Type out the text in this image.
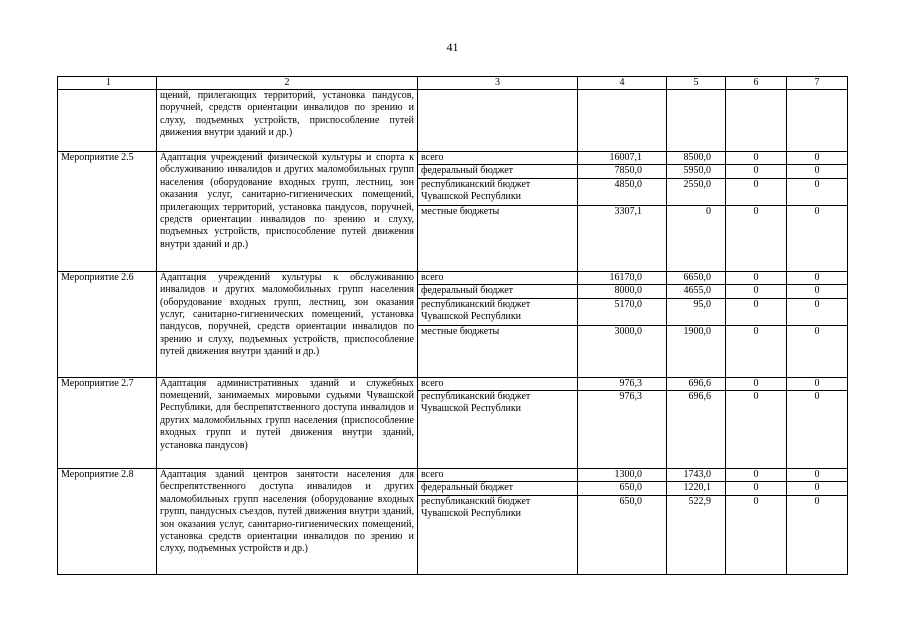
41
1	2	3	4	5	6	7
	щений, прилегающих территорий, установка пандусов, поручней, средств ориентации инвалидов по зрению и слуху, подъемных устройств, приспособление путей движения внутри зданий и др.)					
Мероприятие 2.5	Адаптация учреждений физической культуры и спорта к обслуживанию инвалидов и других маломобильных групп населения (оборудование входных групп, лестниц, зон оказания услуг, санитарно-гигиенических помещений, прилегающих территорий, установка пандусов, поручней, средств ориентации инвалидов по зрению и слуху, подъемных устройств, приспособление путей движения внутри зданий и др.)	всего	16007,1	8500,0	0	0
		федеральный бюджет	7850,0	5950,0	0	0
		республиканский бюджет Чувашской Республики	4850,0	2550,0	0	0
		местные бюджеты	3307,1	0	0	0
Мероприятие 2.6	Адаптация учреждений культуры к обслуживанию инвалидов и других маломобильных групп населения (оборудование входных групп, лестниц, зон оказания услуг, санитарно-гигиенических помещений, установка пандусов, поручней, средств ориентации инвалидов по зрению и слуху, подъемных устройств, приспособление путей движения внутри зданий и др.)	всего	16170,0	6650,0	0	0
		федеральный бюджет	8000,0	4655,0	0	0
		республиканский бюджет Чувашской Республики	5170,0	95,0	0	0
		местные бюджеты	3000,0	1900,0	0	0
Мероприятие 2.7	Адаптация административных зданий и служебных помещений, занимаемых мировыми судьями Чувашской Республики, для беспрепятственного доступа инвалидов и других маломобильных групп населения (приспособление входных групп и путей движения внутри зданий, установка пандусов)	всего	976,3	696,6	0	0
		республиканский бюджет Чувашской Республики	976,3	696,6	0	0
Мероприятие 2.8	Адаптация зданий центров занятости населения для беспрепятственного доступа инвалидов и других маломобильных групп населения (оборудование входных групп, пандусных съездов, путей движения внутри зданий, зон оказания услуг, санитарно-гигиенических помещений, установка средств ориентации инвалидов по зрению и слуху, подъемных устройств и др.)	всего	1300,0	1743,0	0	0
		федеральный бюджет	650,0	1220,1	0	0
		республиканский бюджет Чувашской Республики	650,0	522,9	0	0
